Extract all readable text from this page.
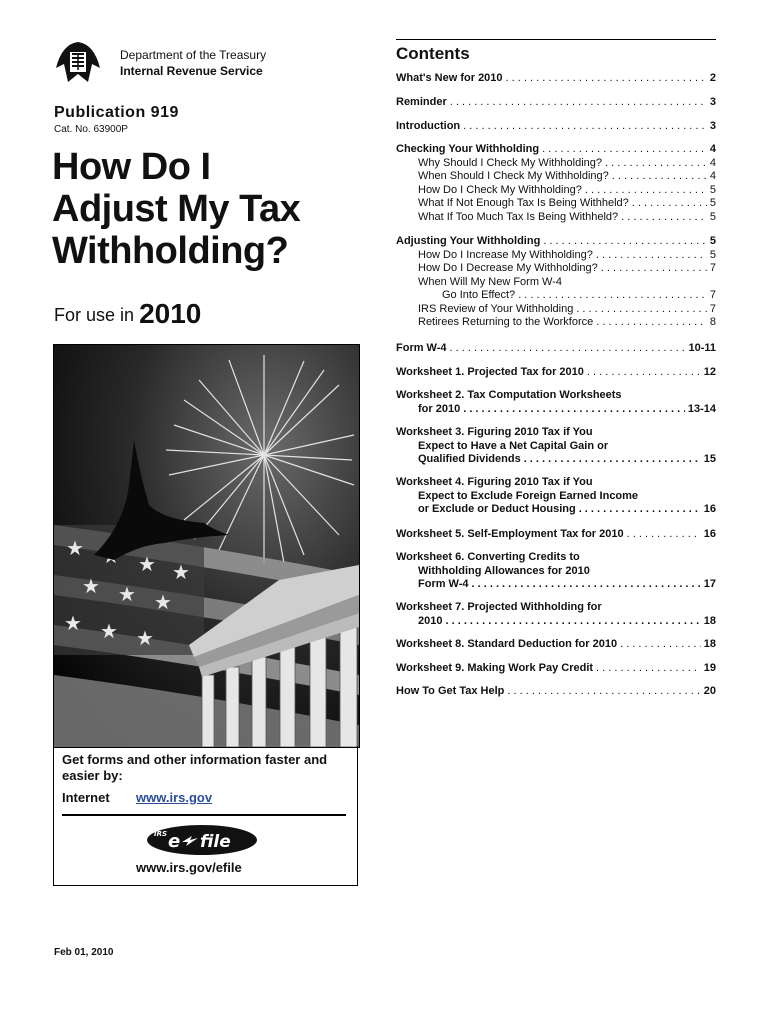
Department of the Treasury
Internal Revenue Service
Publication 919
Cat. No. 63900P
How Do I
Adjust My Tax
Withholding?
For use in 2010
★
★ ★
★ ★ ★
★ ★ ★
Get forms and other information faster and easier by:
Internet www.irs.gov
IRS e file
www.irs.gov/efile
Feb 01, 2010
Contents
What's New for 2010 . . .	2
Reminder . . .	3
Introduction . . .	3
Checking Your Withholding . . .	4
Why Should I Check My Withholding? . . .	4
When Should I Check My Withholding? . . .	4
How Do I Check My Withholding? . . .	5
What If Not Enough Tax Is Being Withheld? . . .	5
What If Too Much Tax Is Being Withheld? . . .	5
Adjusting Your Withholding . . .	5
How Do I Increase My Withholding? . . .	5
How Do I Decrease My Withholding? . . .	7
When Will My New Form W-4
Go Into Effect? . . .	7
IRS Review of Your Withholding . . .	7
Retirees Returning to the Workforce . . .	8
Form W-4 . . .	10-11
Worksheet 1. Projected Tax for 2010 . . .	12
Worksheet 2. Tax Computation Worksheets
for 2010 . . .	13-14
Worksheet 3. Figuring 2010 Tax if You
Expect to Have a Net Capital Gain or
Qualified Dividends . . .	15
Worksheet 4. Figuring 2010 Tax if You
Expect to Exclude Foreign Earned Income
or Exclude or Deduct Housing . . .	16
Worksheet 5. Self-Employment Tax for 2010 . . .	16
Worksheet 6. Converting Credits to
Withholding Allowances for 2010
Form W-4 . . .	17
Worksheet 7. Projected Withholding for
2010 . . .	18
Worksheet 8. Standard Deduction for 2010 . . .	18
Worksheet 9. Making Work Pay Credit . . .	19
How To Get Tax Help . . .	20
